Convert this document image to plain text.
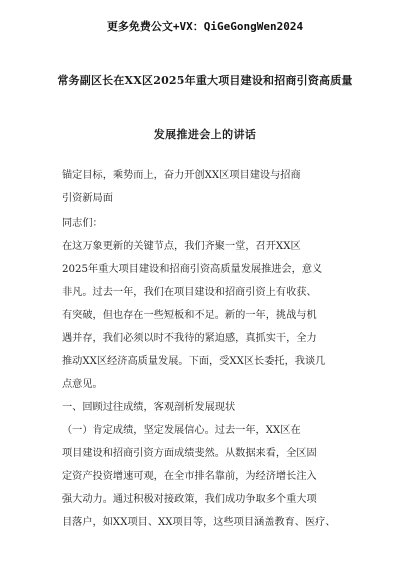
更多免费公文+VX：QiGeGongWen2024
常务副区长在XX区2025年重大项目建设和招商引资高质量
发展推进会上的讲话
锚定目标，乘势而上，奋力开创XX区项目建设与招商
引资新局面
同志们：
在这万象更新的关键节点，我们齐聚一堂，召开XX区
2025年重大项目建设和招商引资高质量发展推进会，意义
非凡。过去一年，我们在项目建设和招商引资上有收获、
有突破，但也存在一些短板和不足。新的一年，挑战与机
遇并存，我们必须以时不我待的紧迫感，真抓实干，全力
推动XX区经济高质量发展。下面，受XX区长委托，我谈几
点意见。
一、回顾过往成绩，客观剖析发展现状
（一）肯定成绩，坚定发展信心。过去一年，XX区在
项目建设和招商引资方面成绩斐然。从数据来看，全区固
定资产投资增速可观，在全市排名靠前，为经济增长注入
强大动力。通过积极对接政策，我们成功争取多个重大项
目落户，如XX项目、XX项目等，这些项目涵盖教育、医疗、
